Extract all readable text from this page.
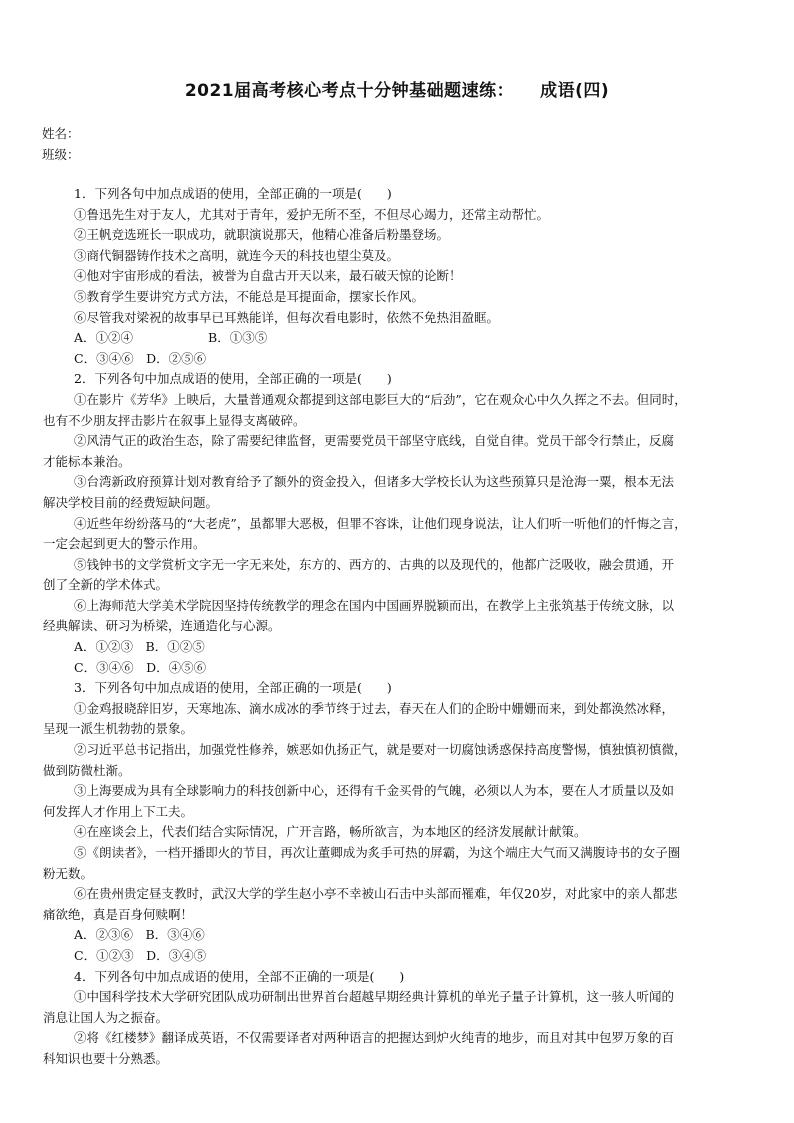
2021届高考核心考点十分钟基础题速练： 成语(四)
姓名：
班级：
1．下列各句中加点成语的使用，全部正确的一项是(　　)
①鲁迅先生对于友人，尤其对于青年，爱护无所不至，不但尽心竭力，还常主动帮忙。
②王帆竞选班长一职成功，就职演说那天，他精心准备后粉墨登场。
③商代铜器铸作技术之高明，就连今天的科技也望尘莫及。
④他对宇宙形成的看法，被誉为自盘古开天以来，最石破天惊的论断！
⑤教育学生要讲究方式方法，不能总是耳提面命，摆家长作风。
⑥尽管我对梁祝的故事早已耳熟能详，但每次看电影时，依然不免热泪盈眶。
A．①②④　　　　　　B．①③⑤
C．③④⑥　D．②⑤⑥
2．下列各句中加点成语的使用，全部正确的一项是(　　)
①在影片《芳华》上映后，大量普通观众都提到这部电影巨大的“后劲”，它在观众心中久久挥之不去。但同时，
也有不少朋友抨击影片在叙事上显得支离破碎。
②风清气正的政治生态，除了需要纪律监督，更需要党员干部坚守底线，自觉自律。党员干部令行禁止，反腐
才能标本兼治。
③台湾新政府预算计划对教育给予了额外的资金投入，但诸多大学校长认为这些预算只是沧海一粟，根本无法
解决学校目前的经费短缺问题。
④近些年纷纷落马的“大老虎”，虽都罪大恶极，但罪不容诛，让他们现身说法，让人们听一听他们的忏悔之言，
一定会起到更大的警示作用。
⑤钱钟书的文学赏析文字无一字无来处，东方的、西方的、古典的以及现代的，他都广泛吸收，融会贯通，开
创了全新的学术体式。
⑥上海师范大学美术学院因坚持传统教学的理念在国内中国画界脱颖而出，在教学上主张筑基于传统文脉，以
经典解读、研习为桥梁，连通造化与心源。
A．①②③　B．①②⑤
C．③④⑥　D．④⑤⑥
3．下列各句中加点成语的使用，全部正确的一项是(　　)
①金鸡报晓辞旧岁，天寒地冻、滴水成冰的季节终于过去，春天在人们的企盼中姗姗而来，到处都涣然冰释，
呈现一派生机勃勃的景象。
②习近平总书记指出，加强党性修养，嫉恶如仇扬正气，就是要对一切腐蚀诱惑保持高度警惕，慎独慎初慎微，
做到防微杜渐。
③上海要成为具有全球影响力的科技创新中心，还得有千金买骨的气魄，必须以人为本，要在人才质量以及如
何发挥人才作用上下工夫。
④在座谈会上，代表们结合实际情况，广开言路，畅所欲言，为本地区的经济发展献计献策。
⑤《朗读者》，一档开播即火的节目，再次让董卿成为炙手可热的屏霸，为这个端庄大气而又满腹诗书的女子圈
粉无数。
⑥在贵州贵定昼支教时，武汉大学的学生赵小亭不幸被山石击中头部而罹难，年仅20岁，对此家中的亲人都悲
痛欲绝，真是百身何赎啊！
A．②③⑥　B．③④⑥
C．①②③　D．③④⑤
4．下列各句中加点成语的使用，全部不正确的一项是(　　)
①中国科学技术大学研究团队成功研制出世界首台超越早期经典计算机的单光子量子计算机，这一骇人听闻的
消息让国人为之振奋。
②将《红楼梦》翻译成英语，不仅需要译者对两种语言的把握达到炉火纯青的地步，而且对其中包罗万象的百
科知识也要十分熟悉。
